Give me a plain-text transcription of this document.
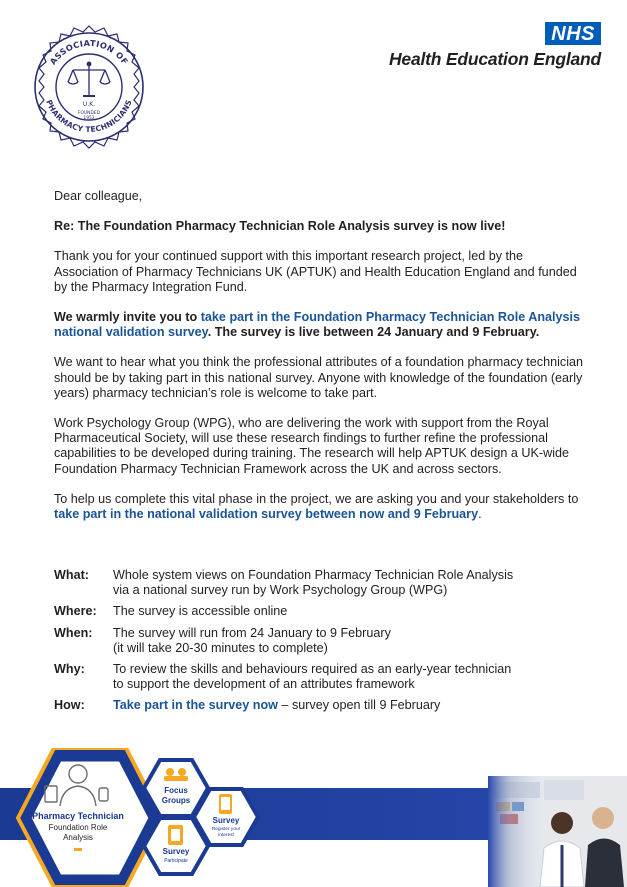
ASSOCIATION OF
PHARMACY TECHNICIANS
U.K.
FOUNDED
1952
NHS
Health Education England

Dear colleague,

Re: The Foundation Pharmacy Technician Role Analysis survey is now live!

Thank you for your continued support with this important research project, led by the Association of Pharmacy Technicians UK (APTUK) and Health Education England and funded by the Pharmacy Integration Fund.

We warmly invite you to take part in the Foundation Pharmacy Technician Role Analysis national validation survey. The survey is live between 24 January and 9 February.

We want to hear what you think the professional attributes of a foundation pharmacy technician should be by taking part in this national survey. Anyone with knowledge of the foundation (early years) pharmacy technician’s role is welcome to take part.

Work Psychology Group (WPG), who are delivering the work with support from the Royal Pharmaceutical Society, will use these research findings to further refine the professional capabilities to be developed during training. The research will help APTUK design a UK-wide Foundation Pharmacy Technician Framework across the UK and across sectors.

To help us complete this vital phase in the project, we are asking you and your stakeholders to take part in the national validation survey between now and 9 February.

What:	Whole system views on Foundation Pharmacy Technician Role Analysis
via a national survey run by Work Psychology Group (WPG)
Where:	The survey is accessible online
When:	The survey will run from 24 January to 9 February
(it will take 20-30 minutes to complete)
Why:	To review the skills and behaviours required as an early-year technician
to support the development of an attributes framework
How:	Take part in the survey now – survey open till 9 February
Pharmacy Technician
Foundation Role
Analysis
Focus
Groups
Survey
Participate
Survey
Register your
interest
